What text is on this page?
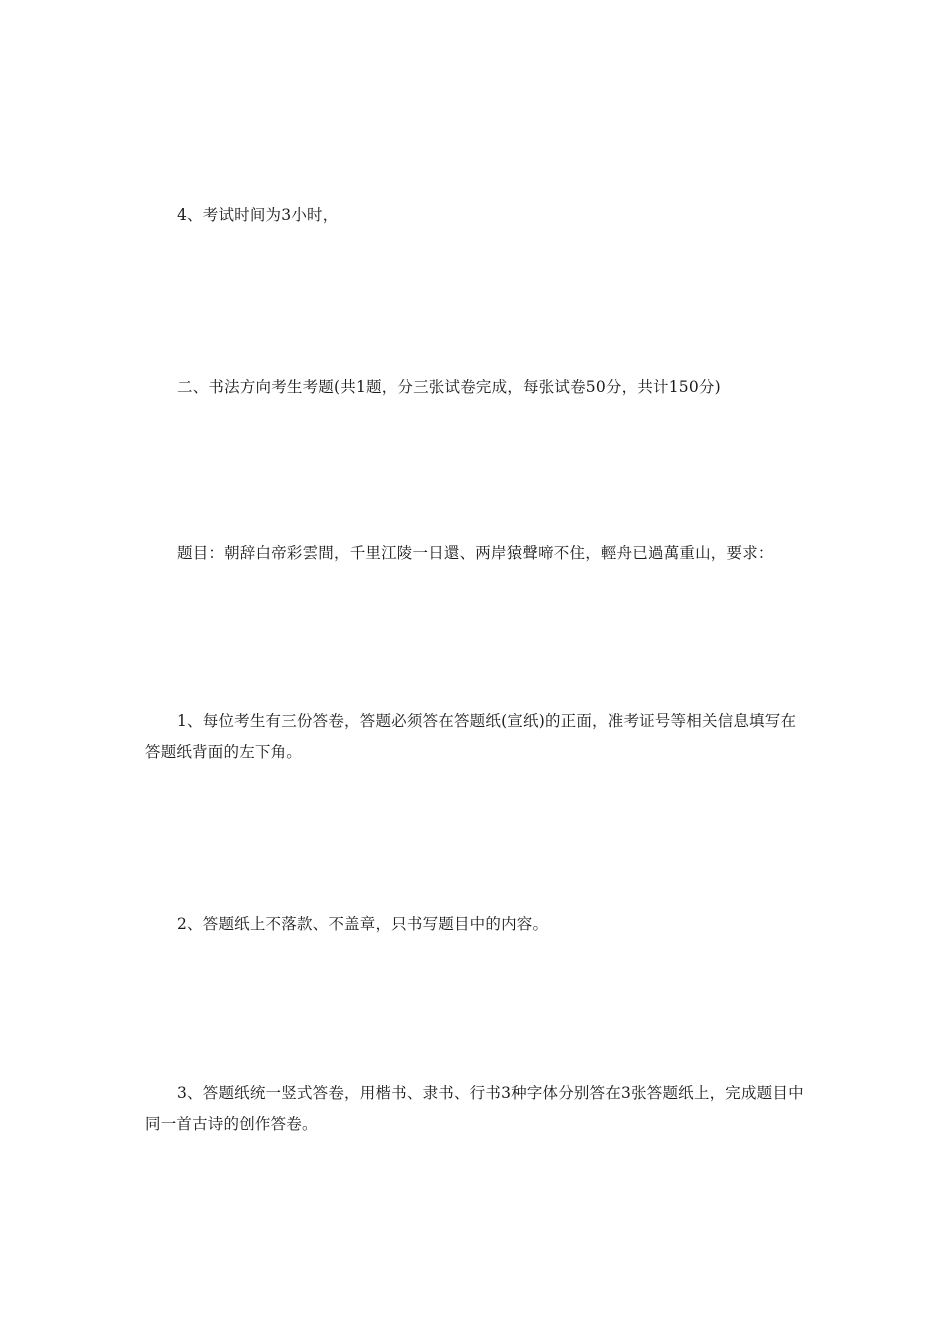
4、考试时间为3小时，

二、书法方向考生考题(共1题，分三张试卷完成，每张试卷50分，共计150分)

题目：朝辞白帝彩雲間，千里江陵一日還、两岸猿聲啼不住，輕舟已過萬重山，要求：

1、每位考生有三份答卷，答题必须答在答题纸(宣纸)的正面，准考证号等相关信息填写在答题纸背面的左下角。

2、答题纸上不落款、不盖章，只书写题目中的内容。

3、答题纸统一竖式答卷，用楷书、隶书、行书3种字体分别答在3张答题纸上，完成题目中同一首古诗的创作答卷。
